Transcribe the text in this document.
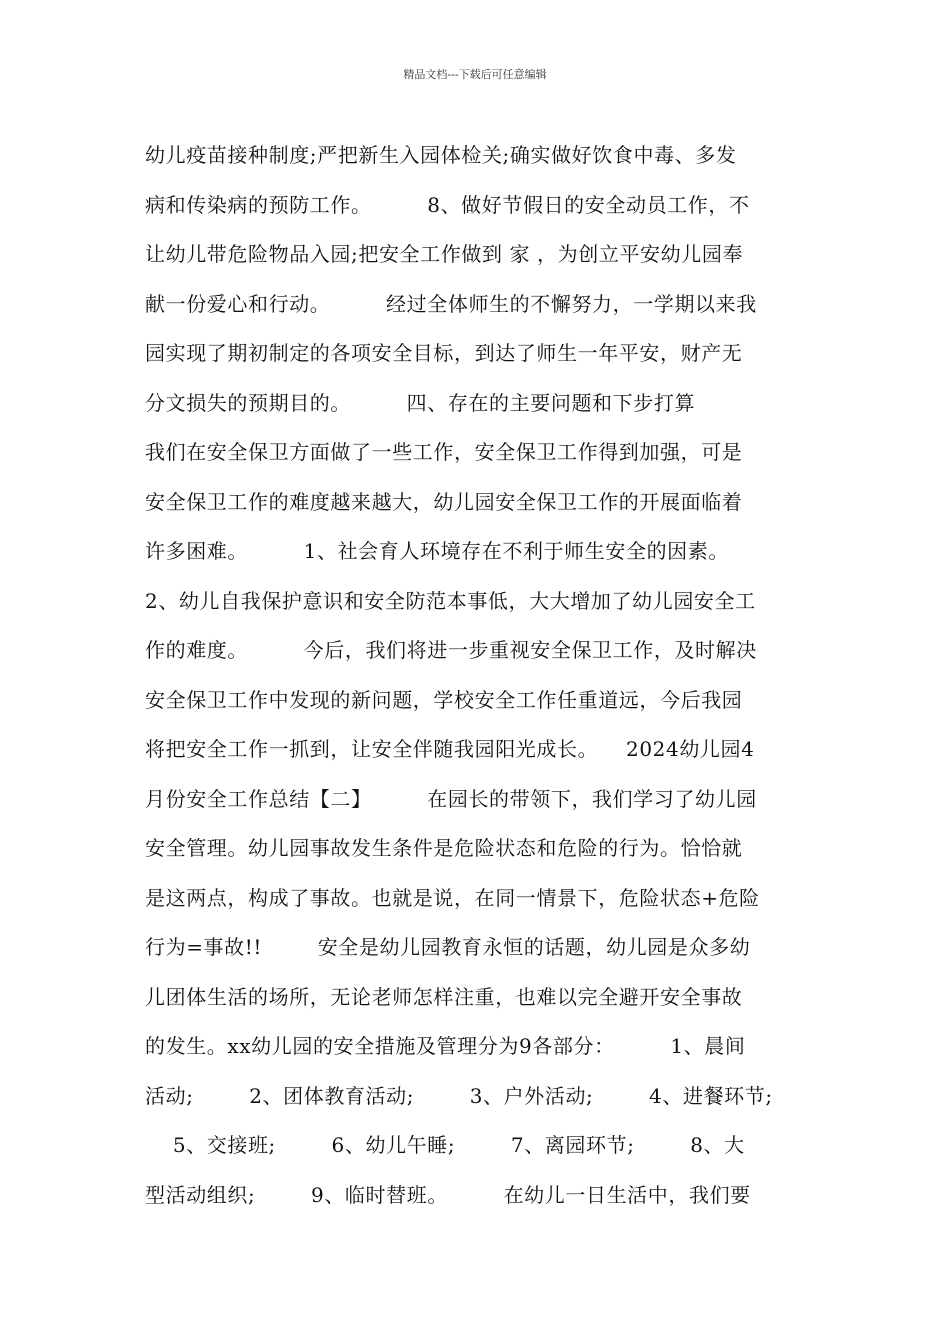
精品文档---下载后可任意编辑
幼儿疫苗接种制度;严把新生入园体检关;确实做好饮食中毒、多发
病和传染病的预防工作。        8、做好节假日的安全动员工作，不
让幼儿带危险物品入园;把安全工作做到 家 ，为创立平安幼儿园奉
献一份爱心和行动。        经过全体师生的不懈努力，一学期以来我
园实现了期初制定的各项安全目标，到达了师生一年平安，财产无
分文损失的预期目的。        四、存在的主要问题和下步打算
我们在安全保卫方面做了一些工作，安全保卫工作得到加强，可是
安全保卫工作的难度越来越大，幼儿园安全保卫工作的开展面临着
许多困难。        1、社会育人环境存在不利于师生安全的因素。
2、幼儿自我保护意识和安全防范本事低，大大增加了幼儿园安全工
作的难度。        今后，我们将进一步重视安全保卫工作，及时解决
安全保卫工作中发现的新问题，学校安全工作任重道远，今后我园
将把安全工作一抓到，让安全伴随我园阳光成长。    2024幼儿园4
月份安全工作总结【二】        在园长的带领下，我们学习了幼儿园
安全管理。幼儿园事故发生条件是危险状态和危险的行为。恰恰就
是这两点，构成了事故。也就是说，在同一情景下，危险状态+危险
行为=事故!!        安全是幼儿园教育永恒的话题，幼儿园是众多幼
儿团体生活的场所，无论老师怎样注重，也难以完全避开安全事故
的发生。xx幼儿园的安全措施及管理分为9各部分：        1、晨间
活动;        2、团体教育活动;        3、户外活动;        4、进餐环节;
5、交接班;        6、幼儿午睡;        7、离园环节;        8、大
型活动组织;        9、临时替班。        在幼儿一日生活中，我们要
